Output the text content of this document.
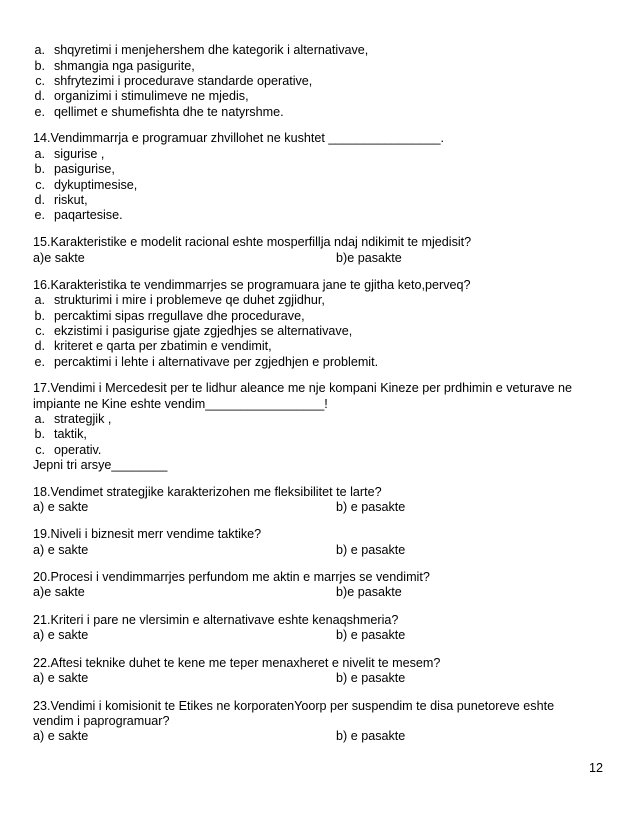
a. shqyretimi i menjehershem dhe kategorik i alternativave,
b. shmangia nga pasigurite,
c. shfrytezimi i procedurave standarde operative,
d. organizimi i stimulimeve ne mjedis,
e. qellimet e shumefishta dhe te natyrshme.
14.Vendimmarrja e programuar zhvillohet ne kushtet ________________.
a. sigurise ,
b. pasigurise,
c. dykuptimesise,
d. riskut,
e. paqartesise.
15.Karakteristike e modelit racional eshte mosperfillja ndaj ndikimit te mjedisit?
a)e sakte	b)e pasakte
16.Karakteristika te vendimmarrjes se programuara jane te gjitha keto,perveq?
a. strukturimi i mire i problemeve qe duhet zgjidhur,
b. percaktimi sipas rregullave dhe procedurave,
c. ekzistimi i pasigurise gjate zgjedhjes se alternativave,
d. kriteret e qarta per zbatimin e vendimit,
e. percaktimi i lehte i alternativave per zgjedhjen e problemit.
17.Vendimi i Mercedesit per te lidhur aleance me nje kompani Kineze per prdhimin e veturave ne
impiante ne Kine eshte vendim_________________!
a. strategjik ,
b. taktik,
c. operativ.
Jepni tri arsye________
18.Vendimet strategjike karakterizohen me fleksibilitet te larte?
a) e sakte	b) e pasakte
19.Niveli i biznesit merr vendime taktike?
a) e sakte	b) e pasakte
20.Procesi i vendimmarrjes perfundom me aktin e marrjes se vendimit?
a)e sakte	b)e pasakte
21.Kriteri i pare ne vlersimin e alternativave eshte kenaqshmeria?
a) e sakte	b) e pasakte
22.Aftesi teknike duhet te kene me teper menaxheret e nivelit te mesem?
a) e sakte	b) e pasakte
23.Vendimi i komisionit te Etikes ne korporatenYoorp per suspendim te disa punetoreve eshte
vendim i paprogramuar?
a) e sakte	b) e pasakte
12
